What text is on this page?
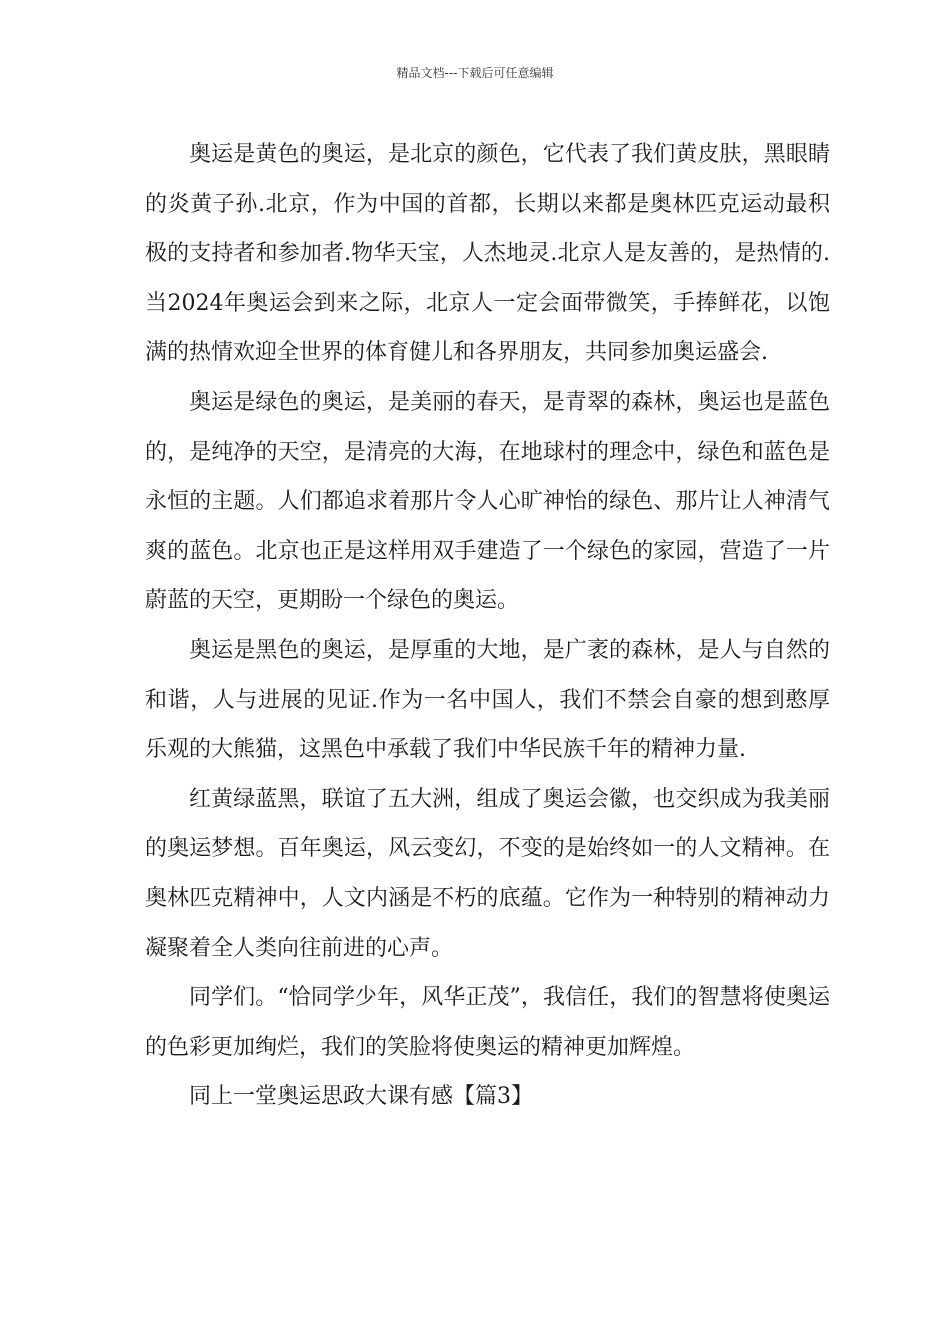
精品文档---下载后可任意编辑

奥运是黄色的奥运，是北京的颜色，它代表了我们黄皮肤，黑眼睛的炎黄子孙.北京，作为中国的首都，长期以来都是奥林匹克运动最积极的支持者和参加者.物华天宝，人杰地灵.北京人是友善的，是热情的.当2024年奥运会到来之际，北京人一定会面带微笑，手捧鲜花，以饱满的热情欢迎全世界的体育健儿和各界朋友，共同参加奥运盛会.

奥运是绿色的奥运，是美丽的春天，是青翠的森林，奥运也是蓝色的，是纯净的天空，是清亮的大海，在地球村的理念中，绿色和蓝色是永恒的主题。人们都追求着那片令人心旷神怡的绿色、那片让人神清气爽的蓝色。北京也正是这样用双手建造了一个绿色的家园，营造了一片蔚蓝的天空，更期盼一个绿色的奥运。

奥运是黑色的奥运，是厚重的大地，是广袤的森林，是人与自然的和谐，人与进展的见证.作为一名中国人，我们不禁会自豪的想到憨厚乐观的大熊猫，这黑色中承载了我们中华民族千年的精神力量.

红黄绿蓝黑，联谊了五大洲，组成了奥运会徽，也交织成为我美丽的奥运梦想。百年奥运，风云变幻，不变的是始终如一的人文精神。在奥林匹克精神中，人文内涵是不朽的底蕴。它作为一种特别的精神动力凝聚着全人类向往前进的心声。

同学们。“恰同学少年，风华正茂”，我信任，我们的智慧将使奥运的色彩更加绚烂，我们的笑脸将使奥运的精神更加辉煌。

同上一堂奥运思政大课有感【篇3】
